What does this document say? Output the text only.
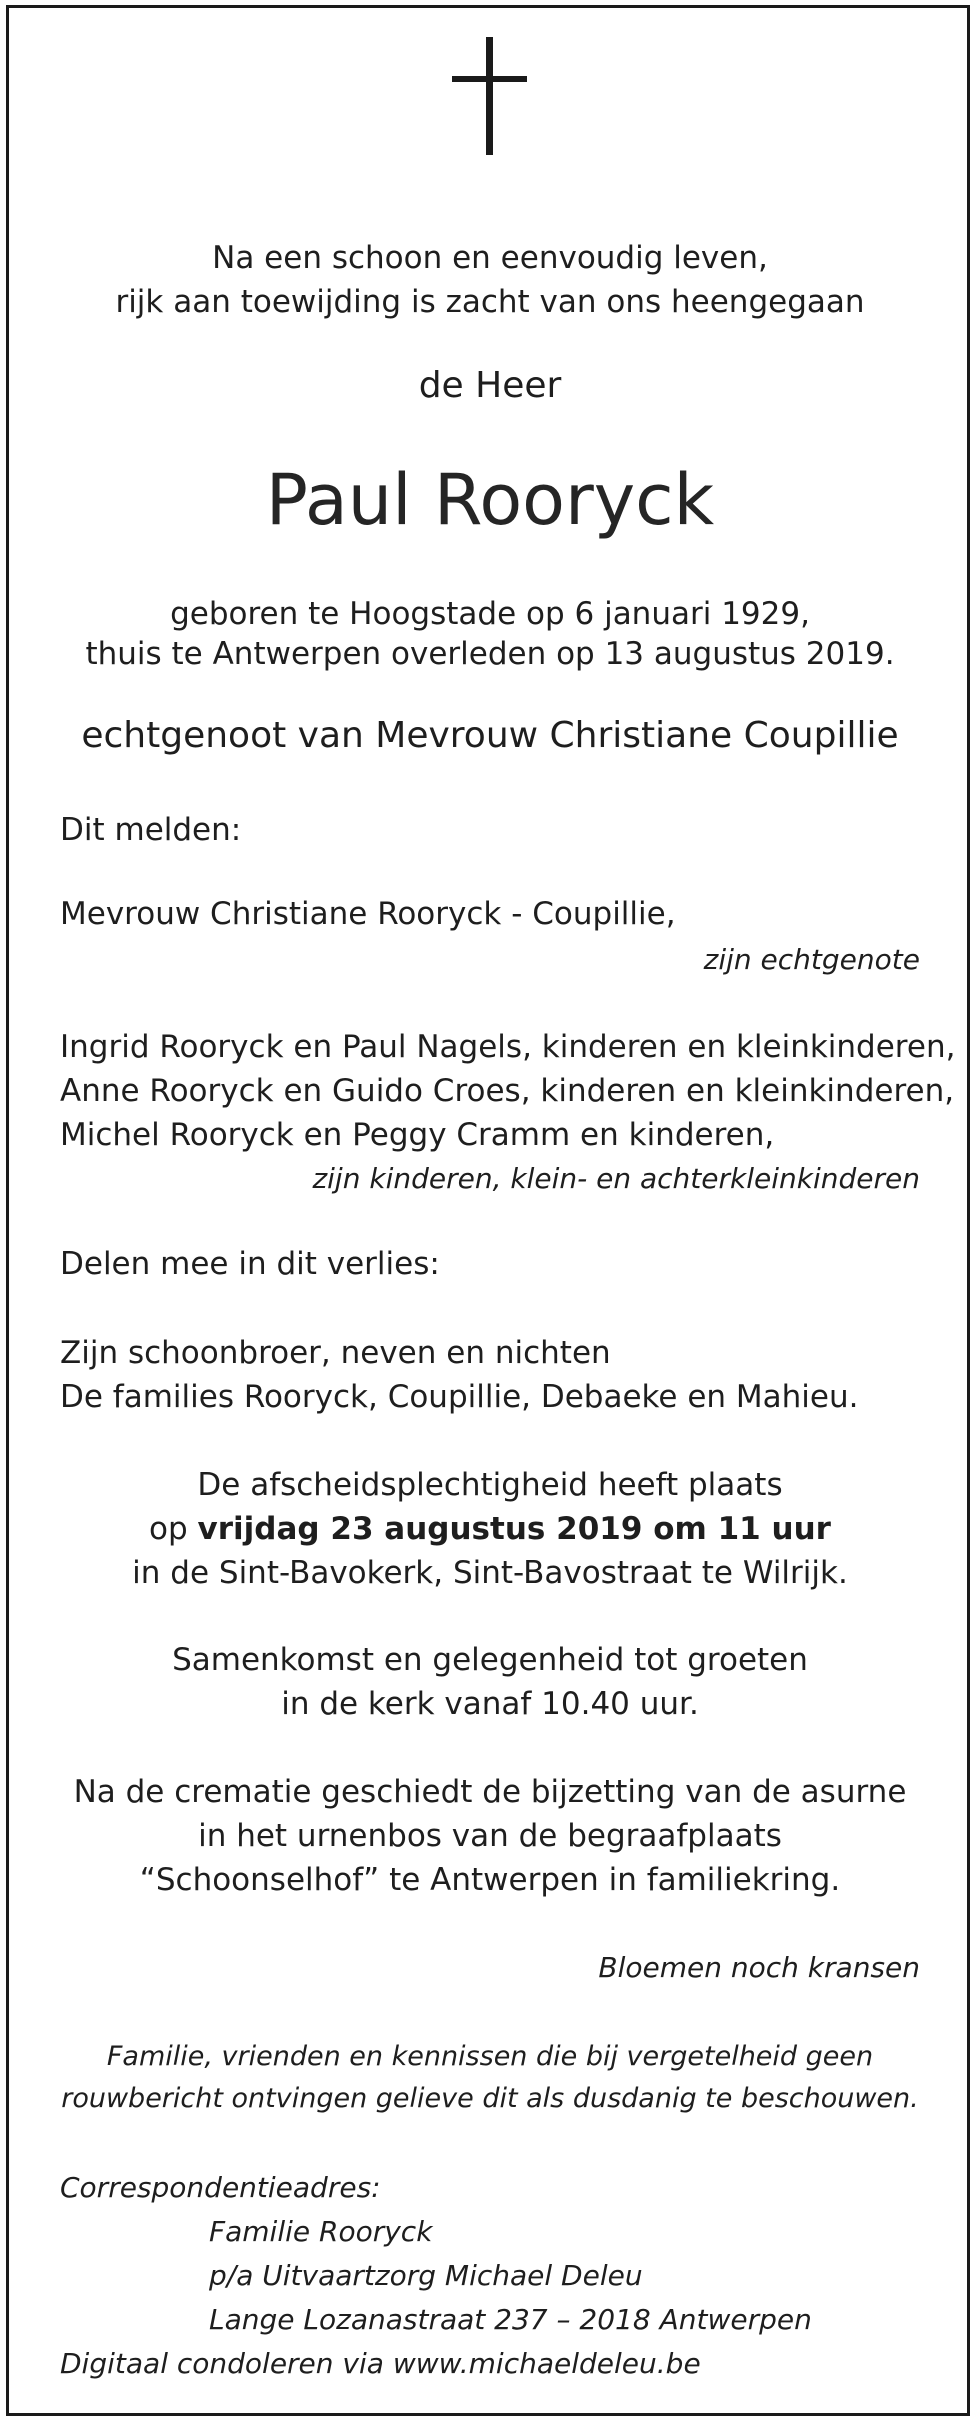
Na een schoon en eenvoudig leven,
rijk aan toewijding is zacht van ons heengegaan
de Heer
Paul Rooryck
geboren te Hoogstade op 6 januari 1929,
thuis te Antwerpen overleden op 13 augustus 2019.
echtgenoot van Mevrouw Christiane Coupillie
Dit melden:
Mevrouw Christiane Rooryck - Coupillie,
zijn echtgenote
Ingrid Rooryck en Paul Nagels, kinderen en kleinkinderen,
Anne Rooryck en Guido Croes, kinderen en kleinkinderen,
Michel Rooryck en Peggy Cramm en kinderen,
zijn kinderen, klein- en achterkleinkinderen
Delen mee in dit verlies:
Zijn schoonbroer, neven en nichten
De families Rooryck, Coupillie, Debaeke en Mahieu.
De afscheidsplechtigheid heeft plaats
op vrijdag 23 augustus 2019 om 11 uur
in de Sint-Bavokerk, Sint-Bavostraat te Wilrijk.
Samenkomst en gelegenheid tot groeten
in de kerk vanaf 10.40 uur.
Na de crematie geschiedt de bijzetting van de asurne
in het urnenbos van de begraafplaats
“Schoonselhof” te Antwerpen in familiekring.
Bloemen noch kransen
Familie, vrienden en kennissen die bij vergetelheid geen
rouwbericht ontvingen gelieve dit als dusdanig te beschouwen.
Correspondentieadres:
Familie Rooryck
p/a Uitvaartzorg Michael Deleu
Lange Lozanastraat 237 – 2018 Antwerpen
Digitaal condoleren via www.michaeldeleu.be
